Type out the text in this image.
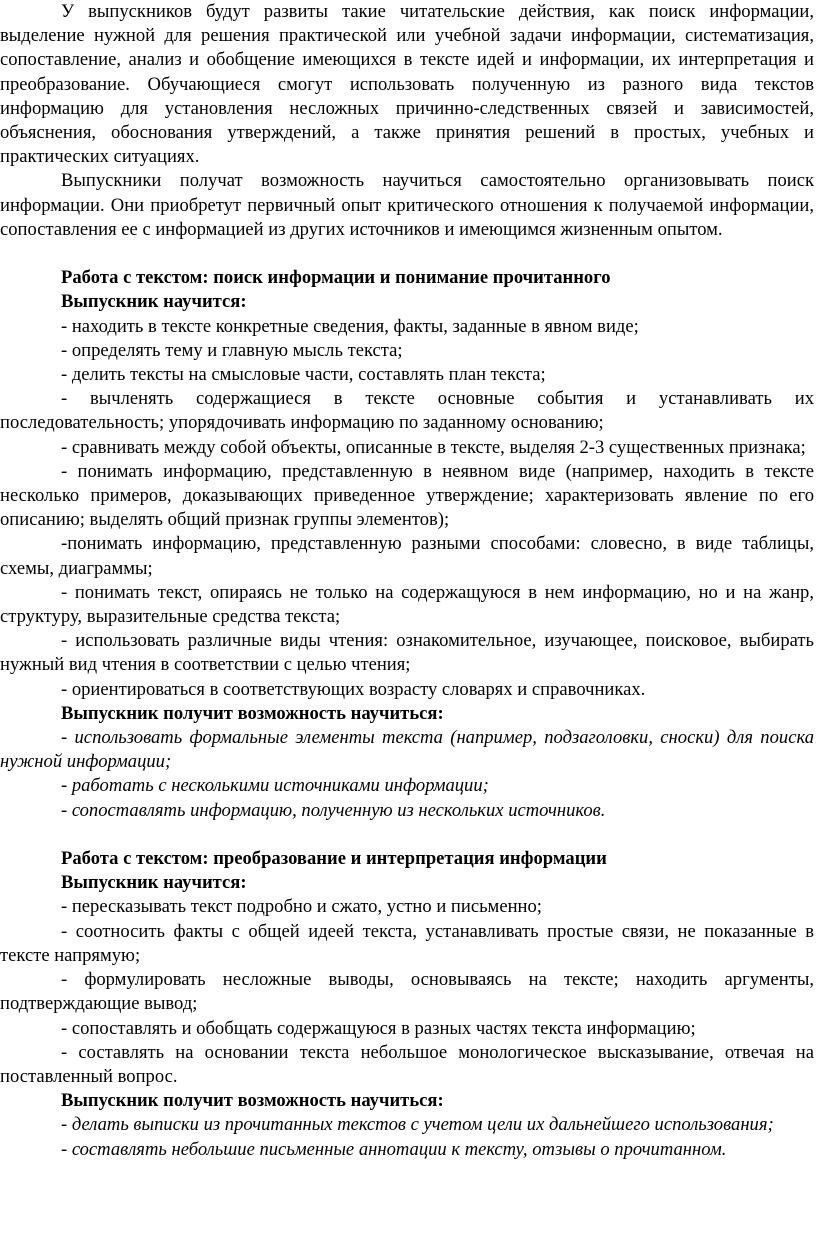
У выпускников будут развиты такие читательские действия, как поиск информации, выделение нужной для решения практической или учебной задачи информации, систематизация, сопоставление, анализ и обобщение имеющихся в тексте идей и информации, их интерпретация и преобразование. Обучающиеся смогут использовать полученную из разного вида текстов информацию для установления несложных причинно-следственных связей и зависимостей, объяснения, обоснования утверждений, а также принятия решений в простых, учебных и практических ситуациях.

Выпускники получат возможность научиться самостоятельно организовывать поиск информации. Они приобретут первичный опыт критического отношения к получаемой информации, сопоставления ее с информацией из других источников и имеющимся жизненным опытом.

Работа с текстом: поиск информации и понимание прочитанного

Выпускник научится:

- находить в тексте конкретные сведения, факты, заданные в явном виде;

- определять тему и главную мысль текста;

- делить тексты на смысловые части, составлять план текста;

- вычленять содержащиеся в тексте основные события и устанавливать их последовательность; упорядочивать информацию по заданному основанию;

- сравнивать между собой объекты, описанные в тексте, выделяя 2-3 существенных признака;

- понимать информацию, представленную в неявном виде (например, находить в тексте несколько примеров, доказывающих приведенное утверждение; характеризовать явление по его описанию; выделять общий признак группы элементов);

-понимать информацию, представленную разными способами: словесно, в виде таблицы, схемы, диаграммы;

- понимать текст, опираясь не только на содержащуюся в нем информацию, но и на жанр, структуру, выразительные средства текста;

- использовать различные виды чтения: ознакомительное, изучающее, поисковое, выбирать нужный вид чтения в соответствии с целью чтения;

- ориентироваться в соответствующих возрасту словарях и справочниках.

Выпускник получит возможность научиться:

- использовать формальные элементы текста (например, подзаголовки, сноски) для поиска нужной информации;

- работать с несколькими источниками информации;

- сопоставлять информацию, полученную из нескольких источников.

Работа с текстом: преобразование и интерпретация информации

Выпускник научится:

- пересказывать текст подробно и сжато, устно и письменно;

- соотносить факты с общей идеей текста, устанавливать простые связи, не показанные в тексте напрямую;

- формулировать несложные выводы, основываясь на тексте; находить аргументы, подтверждающие вывод;

- сопоставлять и обобщать содержащуюся в разных частях текста информацию;

- составлять на основании текста небольшое монологическое высказывание, отвечая на поставленный вопрос.

Выпускник получит возможность научиться:

- делать выписки из прочитанных текстов с учетом цели их дальнейшего использования;

- составлять небольшие письменные аннотации к тексту, отзывы о прочитанном.
